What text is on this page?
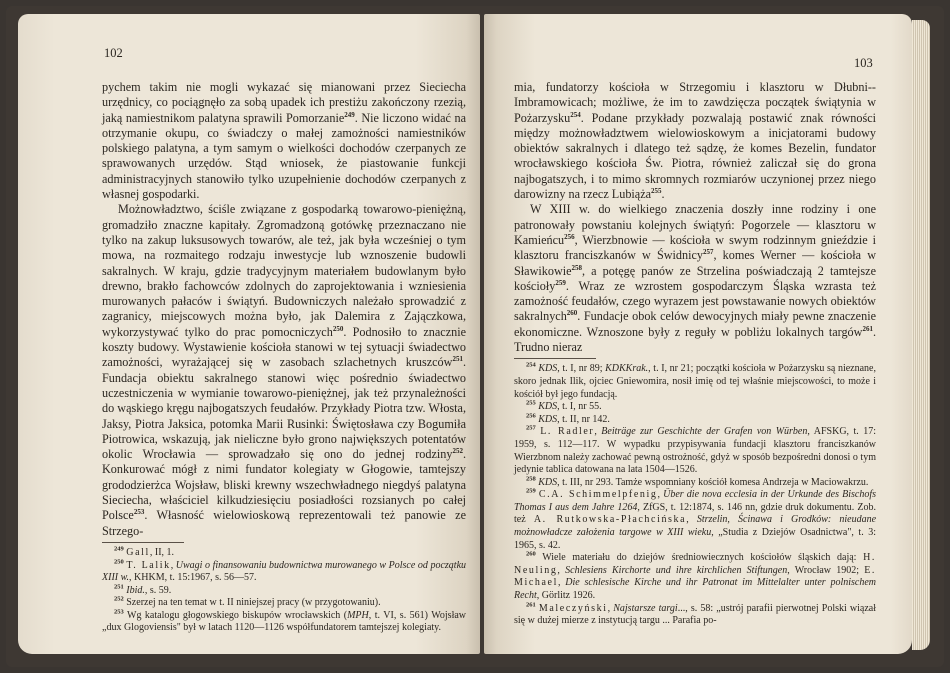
102

pychem takim nie mogli wykazać się mianowani przez Sieciecha urzędnicy, co pociągnęło za sobą upadek ich prestiżu zakończony rzezią, jaką namiestnikom palatyna sprawili Pomorzanie$^{249}$. Nie liczono widać na otrzymanie okupu, co świadczy o małej zamożności namiestników polskiego palatyna, a tym samym o wielkości dochodów czerpanych ze sprawowanych urzędów. Stąd wniosek, że piastowanie funkcji administracyjnych stanowiło tylko uzupełnienie dochodów czerpanych z własnej gospodarki.

Możnowładztwo, ściśle związane z gospodarką towarowo-pieniężną, gromadziło znaczne kapitały. Zgromadzoną gotówkę przeznaczano nie tylko na zakup luksusowych towarów, ale też, jak była wcześniej o tym mowa, na rozmaitego rodzaju inwestycje lub wznoszenie budowli sakralnych. W kraju, gdzie tradycyjnym materiałem budowlanym było drewno, brakło fachowców zdolnych do zaprojektowania i wzniesienia murowanych pałaców i świątyń. Budowniczych należało sprowadzić z zagranicy, miejscowych można było, jak Dalemira z Zajączkowa, wykorzystywać tylko do prac pomocniczych$^{250}$. Podnosiło to znacznie koszty budowy. Wystawienie kościoła stanowi w tej sytuacji świadectwo zamożności, wyrażającej się w zasobach szlachetnych kruszców$^{251}$. Fundacja obiektu sakralnego stanowi więc pośrednio świadectwo uczestniczenia w wymianie towarowo-pieniężnej, jak też przynależności do wąskiego kręgu najbogatszych feudałów. Przykłady Piotra tzw. Włosta, Jaksy, Piotra Jaksica, potomka Marii Rusinki: Świętosława czy Bogumiła Piotrowica, wskazują, jak nieliczne było grono największych potentatów okolic Wrocławia — sprowadzało się ono do jednej rodziny$^{252}$. Konkurować mógł z nimi fundator kolegiaty w Głogowie, tamtejszy grododzierżca Wojsław, bliski krewny wszechwładnego niegdyś palatyna Sieciecha, właściciel kilkudziesięciu posiadłości rozsianych po całej Polsce$^{253}$. Własność wielowioskową reprezentowali też panowie ze Strzego-

$^{249}$ Gall, II, 1.

$^{250}$ T. Lalik, Uwagi o finansowaniu budownictwa murowanego w Polsce od początku XIII w., KHKM, t. 15:1967, s. 56—57.

$^{251}$ Ibid., s. 59.

$^{252}$ Szerzej na ten temat w t. II niniejszej pracy (w przygotowaniu).

$^{253}$ Wg katalogu głogowskiego biskupów wrocławskich (MPH, t. VI, s. 561) Wojsław „dux Glogoviensis" był w latach 1120—1126 współfundatorem tamtejszej kolegiaty.

103

mia, fundatorzy kościoła w Strzegomiu i klasztoru w Dłubni--Imbramowicach; możliwe, że im to zawdzięcza początek świątynia w Pożarzysku$^{254}$. Podane przykłady pozwalają postawić znak równości między możnowładztwem wielowioskowym a inicjatorami budowy obiektów sakralnych i dlatego też sądzę, że komes Bezelin, fundator wrocławskiego kościoła Św. Piotra, również zaliczał się do grona najbogatszych, i to mimo skromnych rozmiarów uczynionej przez niego darowizny na rzecz Lubiąża$^{255}$.

W XIII w. do wielkiego znaczenia doszły inne rodziny i one patronowały powstaniu kolejnych świątyń: Pogorzele — klasztoru w Kamieńcu$^{256}$, Wierzbnowie — kościoła w swym rodzinnym gnieździe i klasztoru franciszkanów w Świdnicy$^{257}$, komes Werner — kościoła w Sławikowie$^{258}$, a potęgę panów ze Strzelina poświadczają 2 tamtejsze kościoły$^{259}$. Wraz ze wzrostem gospodarczym Śląska wzrasta też zamożność feudałów, czego wyrazem jest powstawanie nowych obiektów sakralnych$^{260}$. Fundacje obok celów dewocyjnych miały pewne znaczenie ekonomiczne. Wznoszone były z reguły w pobliżu lokalnych targów$^{261}$. Trudno nieraz

$^{254}$ KDS, t. I, nr 89; KDKKrak., t. I, nr 21; początki kościoła w Pożarzysku są nieznane, skoro jednak Ilik, ojciec Gniewomira, nosił imię od tej właśnie miejscowości, to może i kościół był jego fundacją.

$^{255}$ KDS, t. I, nr 55.

$^{256}$ KDS, t. II, nr 142.

$^{257}$ L. Radler, Beiträge zur Geschichte der Grafen von Würben, AFSKG, t. 17: 1959, s. 112—117. W wypadku przypisywania fundacji klasztoru franciszkanów Wierzbnom należy zachować pewną ostrożność, gdyż w sposób bezpośredni donosi o tym jedynie tablica datowana na lata 1504—1526.

$^{258}$ KDS, t. III, nr 293. Tamże wspomniany kościół komesa Andrzeja w Maciowakrzu.

$^{259}$ C.A. Schimmelpfenig, Über die nova ecclesia in der Urkunde des Bischofs Thomas I aus dem Jahre 1264, ZfGS, t. 12:1874, s. 146 nn, gdzie druk dokumentu. Zob. też A. Rutkowska-Płachcińska, Strzelin, Ścinawa i Grodków: nieudane możnowładcze założenia targowe w XIII wieku, „Studia z Dziejów Osadnictwa", t. 3: 1965, s. 42.

$^{260}$ Wiele materiału do dziejów średniowiecznych kościołów śląskich dają: H. Neuling, Schlesiens Kirchorte und ihre kirchlichen Stiftungen, Wrocław 1902; E. Michael, Die schlesische Kirche und ihr Patronat im Mittelalter unter polnischem Recht, Görlitz 1926.

$^{261}$ Maleczyński, Najstarsze targi..., s. 58: „ustrój parafii pierwotnej Polski wiązał się w dużej mierze z instytucją targu ... Parafia po-
